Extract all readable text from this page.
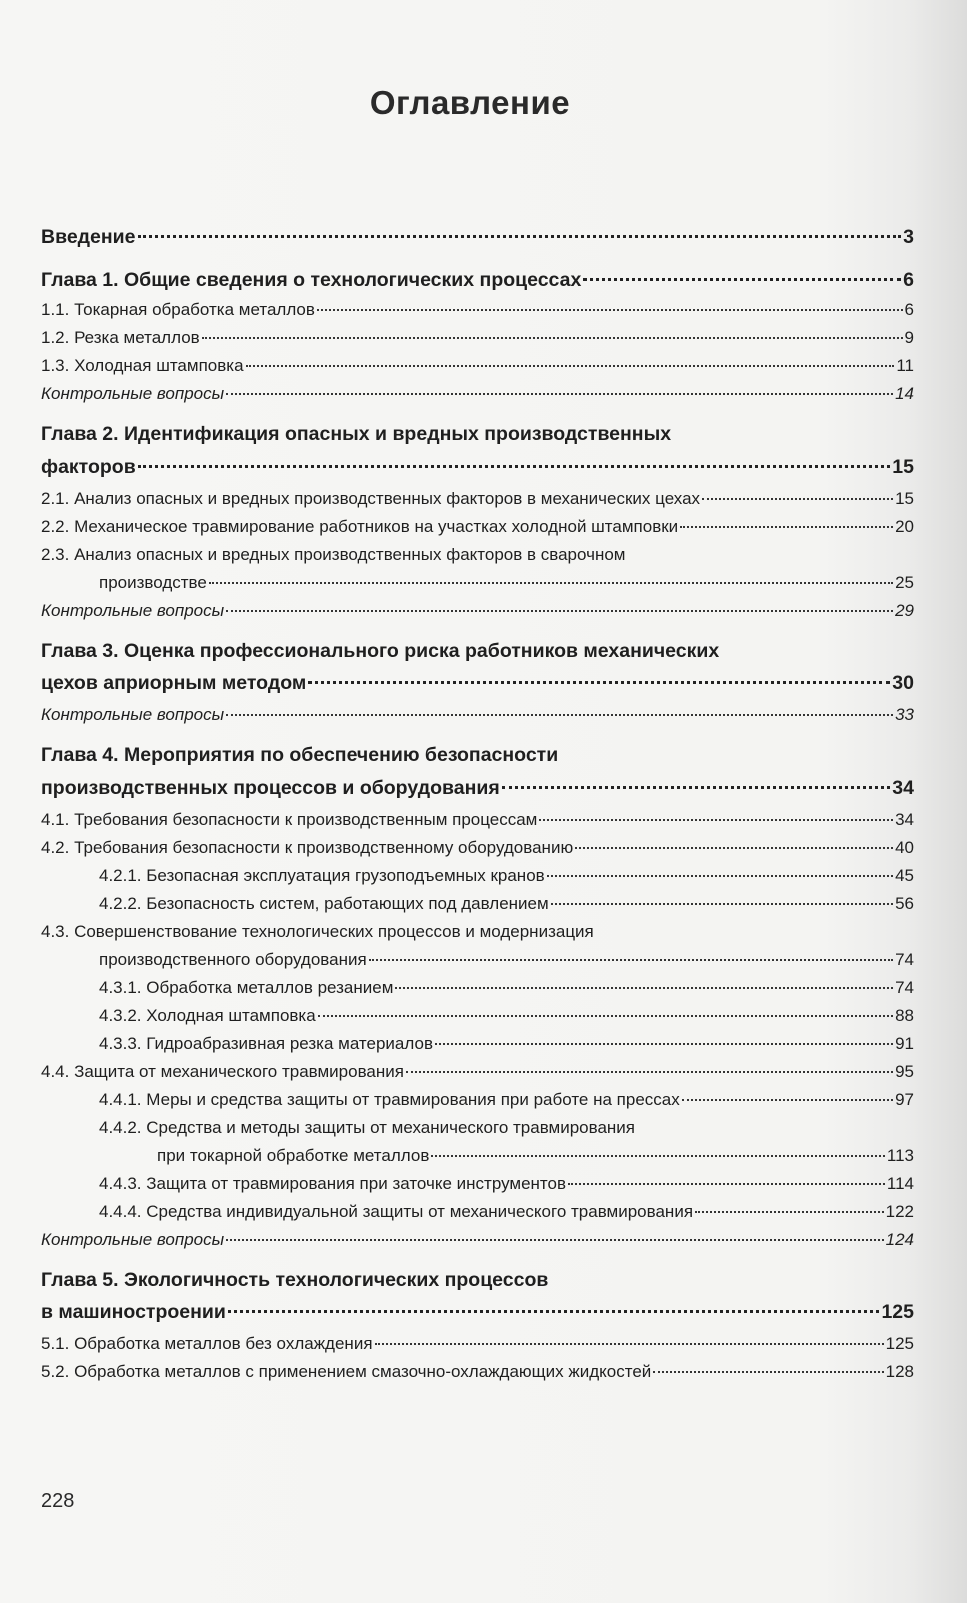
Оглавление
Введение	3
Глава 1. Общие сведения о технологических процессах	6
1.1. Токарная обработка металлов	6
1.2. Резка металлов	9
1.3. Холодная штамповка	11
Контрольные вопросы	14
Глава 2. Идентификация опасных и вредных производственных
факторов	15
2.1. Анализ опасных и вредных производственных факторов в механических цехах	15
2.2. Механическое травмирование работников на участках холодной штамповки	20
2.3. Анализ опасных и вредных производственных факторов в сварочном
производстве	25
Контрольные вопросы	29
Глава 3. Оценка профессионального риска работников механических
цехов априорным методом	30
Контрольные вопросы	33
Глава 4. Мероприятия по обеспечению безопасности
производственных процессов и оборудования	34
4.1. Требования безопасности к производственным процессам	34
4.2. Требования безопасности к производственному оборудованию	40
4.2.1. Безопасная эксплуатация грузоподъемных кранов	45
4.2.2. Безопасность систем, работающих под давлением	56
4.3. Совершенствование технологических процессов и модернизация
производственного оборудования	74
4.3.1. Обработка металлов резанием	74
4.3.2. Холодная штамповка	88
4.3.3. Гидроабразивная резка материалов	91
4.4. Защита от механического травмирования	95
4.4.1. Меры и средства защиты от травмирования при работе на прессах	97
4.4.2. Средства и методы защиты от механического травмирования
при токарной обработке металлов	113
4.4.3. Защита от травмирования при заточке инструментов	114
4.4.4. Средства индивидуальной защиты от механического травмирования	122
Контрольные вопросы	124
Глава 5. Экологичность технологических процессов
в машиностроении	125
5.1. Обработка металлов без охлаждения	125
5.2. Обработка металлов с применением смазочно-охлаждающих жидкостей	128
228
